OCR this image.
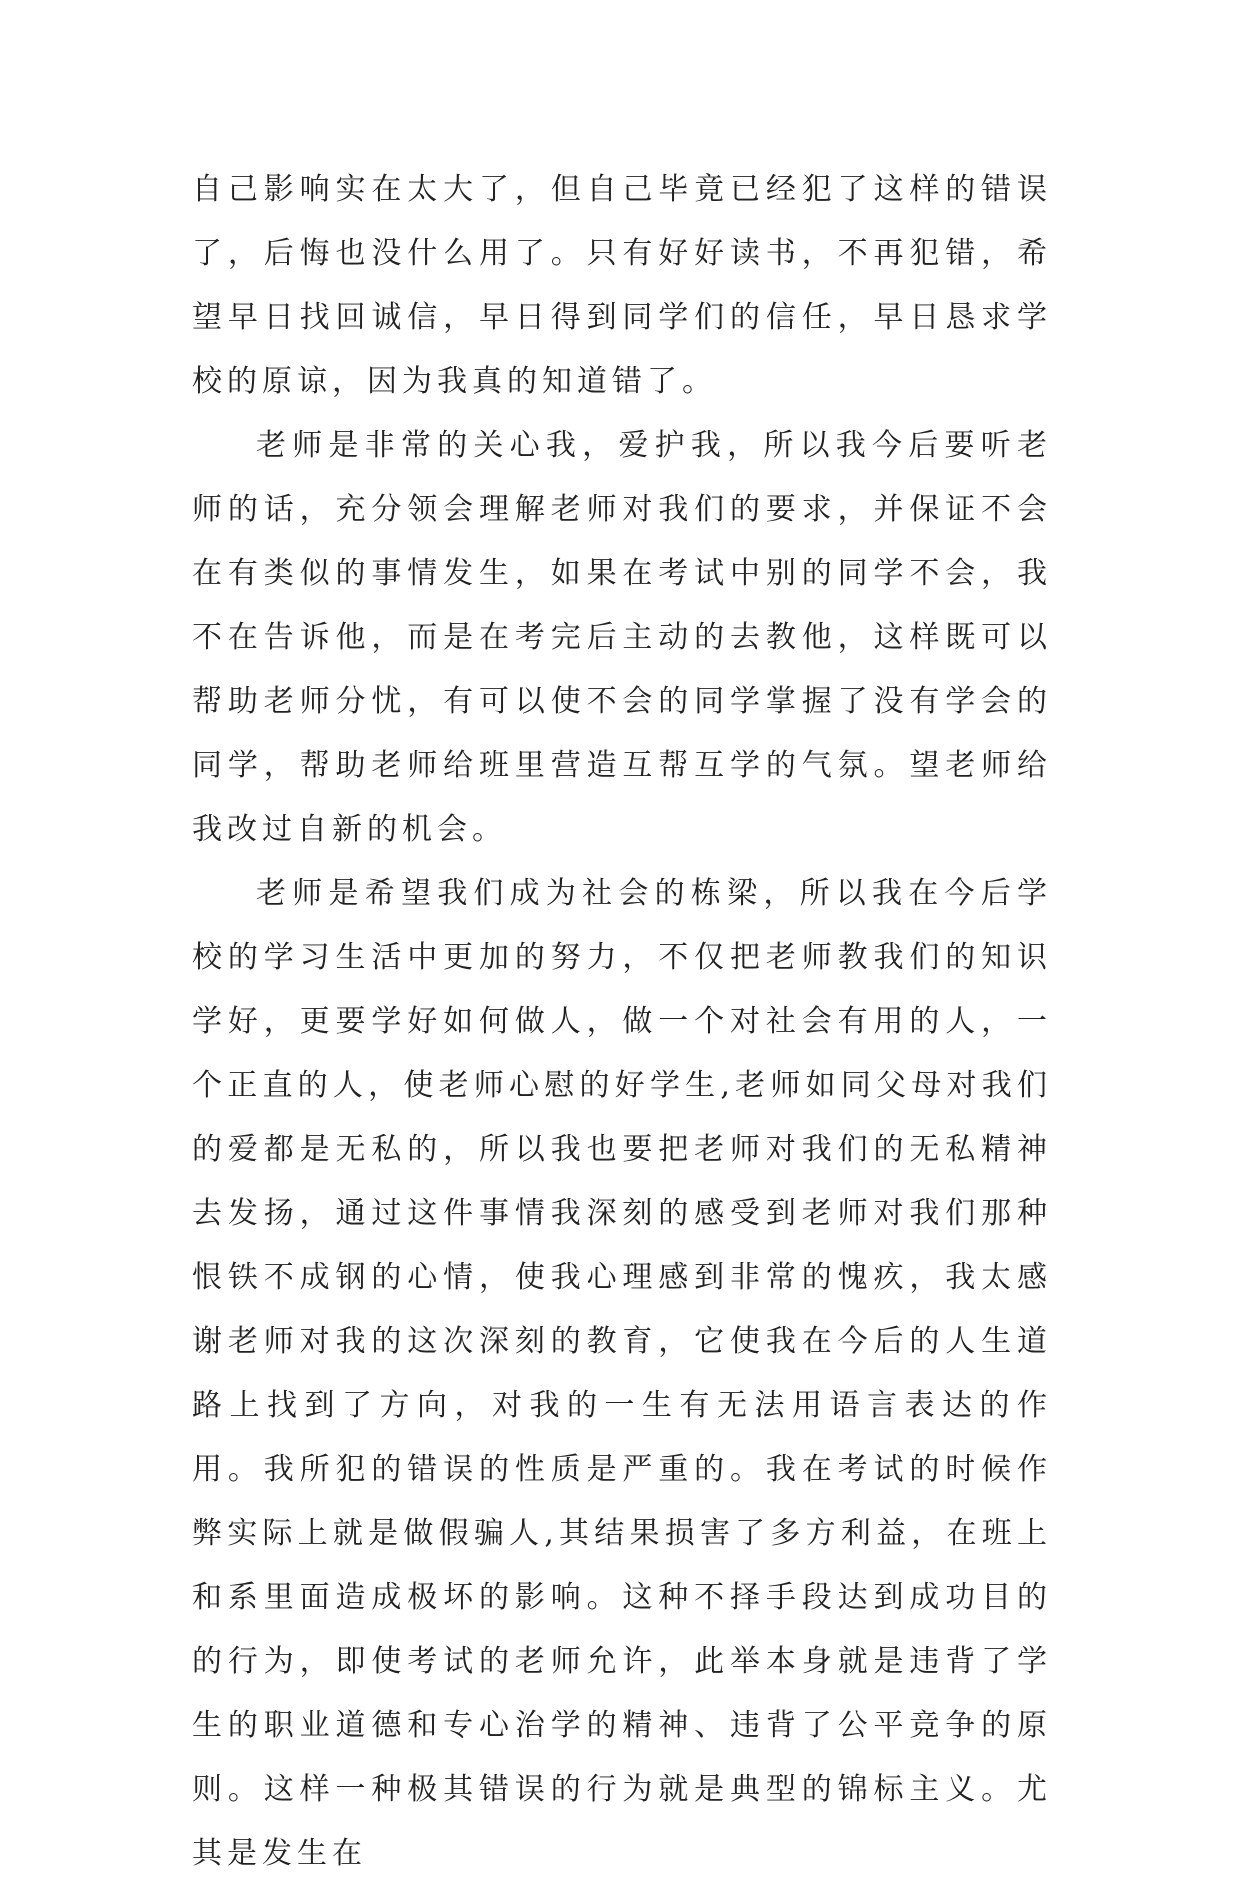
自己影响实在太大了，但自己毕竟已经犯了这样的错误了，后悔也没什么用了。只有好好读书，不再犯错，希望早日找回诚信，早日得到同学们的信任，早日恳求学校的原谅，因为我真的知道错了。

老师是非常的关心我，爱护我，所以我今后要听老师的话，充分领会理解老师对我们的要求，并保证不会在有类似的事情发生，如果在考试中别的同学不会，我不在告诉他，而是在考完后主动的去教他，这样既可以帮助老师分忧，有可以使不会的同学掌握了没有学会的同学，帮助老师给班里营造互帮互学的气氛。望老师给我改过自新的机会。

老师是希望我们成为社会的栋梁，所以我在今后学校的学习生活中更加的努力，不仅把老师教我们的知识学好，更要学好如何做人，做一个对社会有用的人，一个正直的人，使老师心慰的好学生,老师如同父母对我们的爱都是无私的，所以我也要把老师对我们的无私精神去发扬，通过这件事情我深刻的感受到老师对我们那种恨铁不成钢的心情，使我心理感到非常的愧疚，我太感谢老师对我的这次深刻的教育，它使我在今后的人生道路上找到了方向，对我的一生有无法用语言表达的作用。我所犯的错误的性质是严重的。我在考试的时候作弊实际上就是做假骗人,其结果损害了多方利益，在班上和系里面造成极坏的影响。这种不择手段达到成功目的的行为，即使考试的老师允许，此举本身就是违背了学生的职业道德和专心治学的精神、违背了公平竞争的原则。这样一种极其错误的行为就是典型的锦标主义。尤其是发生在
